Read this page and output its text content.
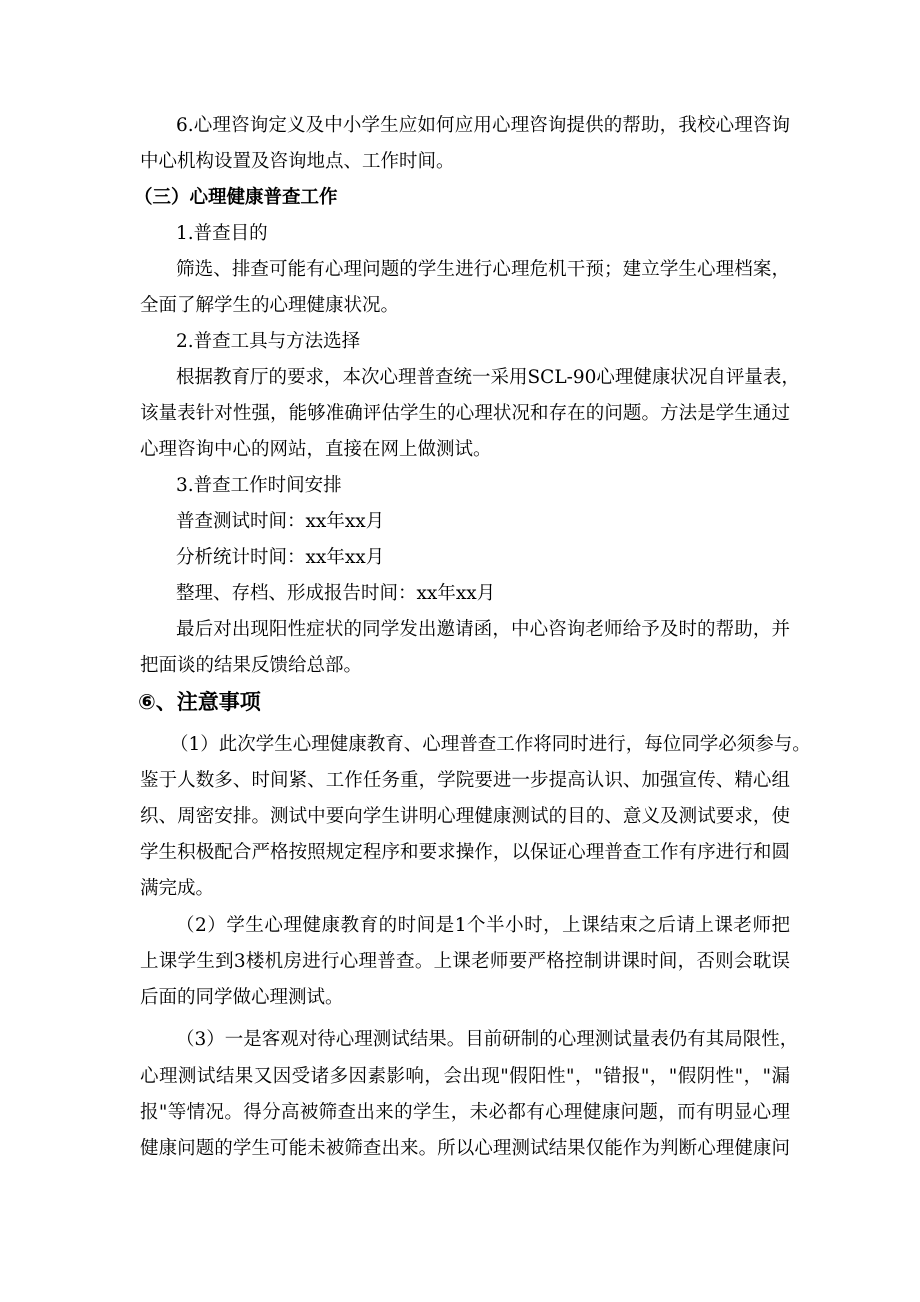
6.心理咨询定义及中小学生应如何应用心理咨询提供的帮助，我校心理咨询
中心机构设置及咨询地点、工作时间。
（三）心理健康普查工作
1.普查目的
筛选、排查可能有心理问题的学生进行心理危机干预；建立学生心理档案，
全面了解学生的心理健康状况。
2.普查工具与方法选择
根据教育厅的要求，本次心理普查统一采用SCL-90心理健康状况自评量表，
该量表针对性强，能够准确评估学生的心理状况和存在的问题。方法是学生通过
心理咨询中心的网站，直接在网上做测试。
3.普查工作时间安排
普查测试时间：xx年xx月
分析统计时间：xx年xx月
整理、存档、形成报告时间：xx年xx月
最后对出现阳性症状的同学发出邀请函，中心咨询老师给予及时的帮助，并
把面谈的结果反馈给总部。
⑥、注意事项
（1）此次学生心理健康教育、心理普查工作将同时进行，每位同学必须参与。
鉴于人数多、时间紧、工作任务重，学院要进一步提高认识、加强宣传、精心组
织、周密安排。测试中要向学生讲明心理健康测试的目的、意义及测试要求，使
学生积极配合严格按照规定程序和要求操作，以保证心理普查工作有序进行和圆
满完成。
（2）学生心理健康教育的时间是1个半小时，上课结束之后请上课老师把
上课学生到3楼机房进行心理普查。上课老师要严格控制讲课时间，否则会耽误
后面的同学做心理测试。
（3）一是客观对待心理测试结果。目前研制的心理测试量表仍有其局限性，
心理测试结果又因受诸多因素影响，会出现"假阳性"，"错报"，"假阴性"，"漏
报"等情况。得分高被筛查出来的学生，未必都有心理健康问题，而有明显心理
健康问题的学生可能未被筛查出来。所以心理测试结果仅能作为判断心理健康问
